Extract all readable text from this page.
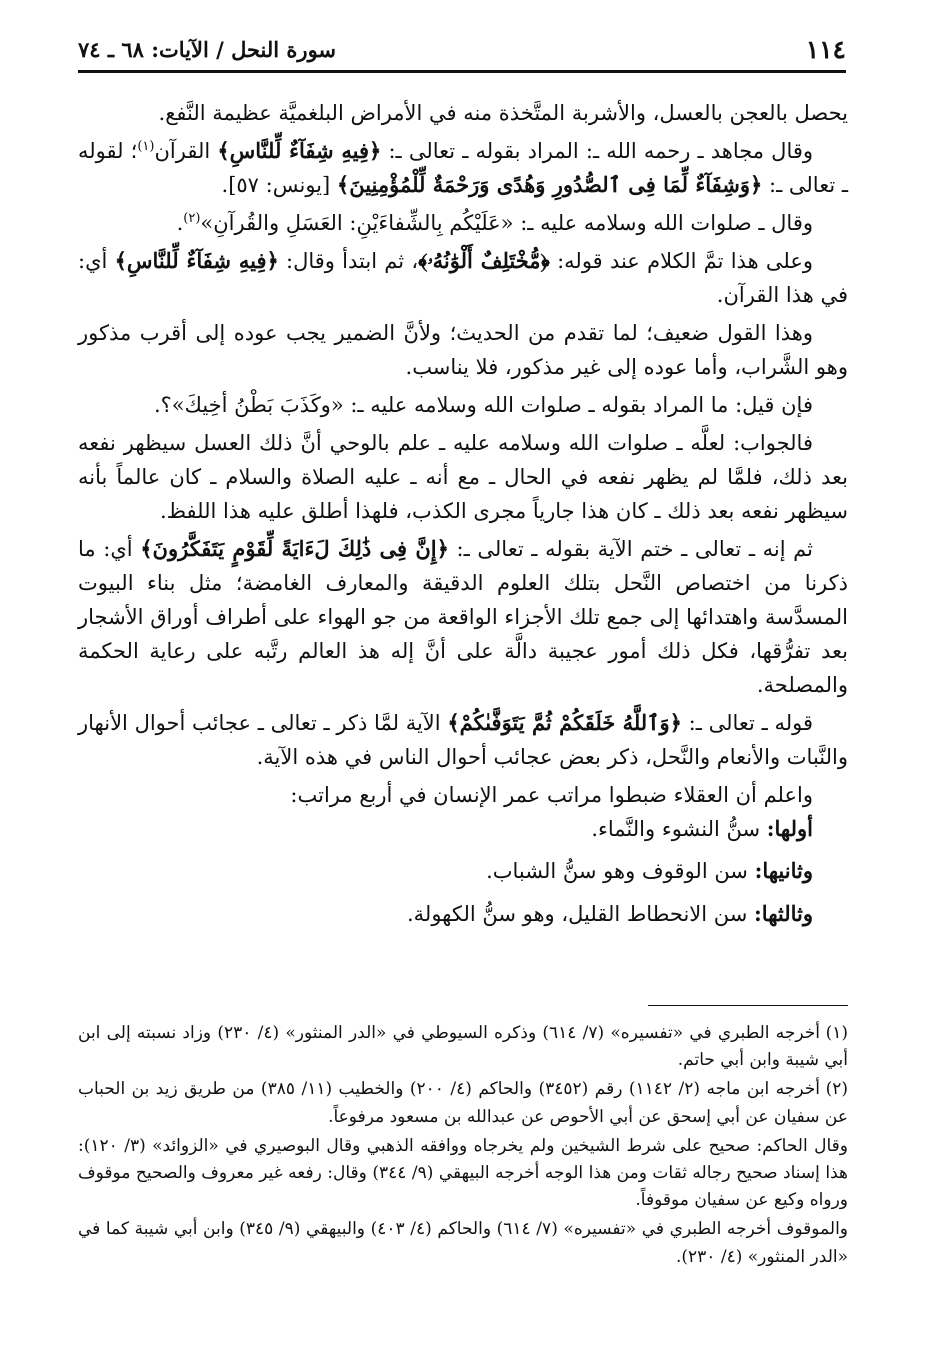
١١٤
سورة النحل / الآيات: ٦٨ ـ ٧٤

يحصل بالعجن بالعسل، والأشربة المتَّخذة منه في الأمراض البلغميَّة عظيمة النَّفع.

وقال مجاهد ـ رحمه الله ـ: المراد بقوله ـ تعالى ـ: ﴿فِيهِ شِفَآءٌ لِّلنَّاسِ﴾ القرآن$^{(١)}$؛ لقوله ـ تعالى ـ: ﴿وَشِفَآءٌ لِّمَا فِى ٱلصُّدُورِ وَهُدًى وَرَحْمَةٌ لِّلْمُؤْمِنِينَ﴾ [يونس: ٥٧].

وقال ـ صلوات الله وسلامه عليه ـ: «عَلَيْكُم بِالشِّفاءَيْنِ: العَسَلِ والقُرآنِ»$^{(٢)}$.

وعلى هذا تمَّ الكلام عند قوله: ﴿مُّخْتَلِفٌ أَلْوَٰنُهُۥ﴾، ثم ابتدأ وقال: ﴿فِيهِ شِفَآءٌ لِّلنَّاسِ﴾ أي: في هذا القرآن.

وهذا القول ضعيف؛ لما تقدم من الحديث؛ ولأنَّ الضمير يجب عوده إلى أقرب مذكور وهو الشَّراب، وأما عوده إلى غير مذكور، فلا يناسب.

فإن قيل: ما المراد بقوله ـ صلوات الله وسلامه عليه ـ: «وكَذَبَ بَطْنُ أخِيكَ»؟.

فالجواب: لعلَّه ـ صلوات الله وسلامه عليه ـ علم بالوحي أنَّ ذلك العسل سيظهر نفعه بعد ذلك، فلمَّا لم يظهر نفعه في الحال ـ مع أنه ـ عليه الصلاة والسلام ـ كان عالماً بأنه سيظهر نفعه بعد ذلك ـ كان هذا جارياً مجرى الكذب، فلهذا أطلق عليه هذا اللفظ.

ثم إنه ـ تعالى ـ ختم الآية بقوله ـ تعالى ـ: ﴿إِنَّ فِى ذَٰلِكَ لَءَايَةً لِّقَوْمٍ يَتَفَكَّرُونَ﴾ أي: ما ذكرنا من اختصاص النَّحل بتلك العلوم الدقيقة والمعارف الغامضة؛ مثل بناء البيوت المسدَّسة واهتدائها إلى جمع تلك الأجزاء الواقعة من جو الهواء على أطراف أوراق الأشجار بعد تفرُّقها، فكل ذلك أمور عجيبة دالَّة على أنَّ إله هذ العالم رتَّبه على رعاية الحكمة والمصلحة.

قوله ـ تعالى ـ: ﴿وَٱللَّهُ خَلَقَكُمْ ثُمَّ يَتَوَفَّىٰكُمْ﴾ الآية لمَّا ذكر ـ تعالى ـ عجائب أحوال الأنهار والنَّبات والأنعام والنَّحل، ذكر بعض عجائب أحوال الناس في هذه الآية.

واعلم أن العقلاء ضبطوا مراتب عمر الإنسان في أربع مراتب:

أولها: سنُّ النشوء والنَّماء.

وثانيها: سن الوقوف وهو سنُّ الشباب.

وثالثها: سن الانحطاط القليل، وهو سنُّ الكهولة.

(١)أخرجه الطبري في «تفسيره» (٧/ ٦١٤) وذكره السيوطي في «الدر المنثور» (٤/ ٢٣٠) وزاد نسبته إلى ابن أبي شيبة وابن أبي حاتم.

(٢)أخرجه ابن ماجه (٢/ ١١٤٢) رقم (٣٤٥٢) والحاكم (٤/ ٢٠٠) والخطيب (١١/ ٣٨٥) من طريق زيد بن الحباب عن سفيان عن أبي إسحق عن أبي الأحوص عن عبدالله بن مسعود مرفوعاً.

وقال الحاكم: صحيح على شرط الشيخين ولم يخرجاه ووافقه الذهبي وقال البوصيري في «الزوائد» (٣/ ١٢٠): هذا إسناد صحيح رجاله ثقات ومن هذا الوجه أخرجه البيهقي (٩/ ٣٤٤) وقال: رفعه غير معروف والصحيح موقوف ورواه وكيع عن سفيان موقوفاً.

والموقوف أخرجه الطبري في «تفسيره» (٧/ ٦١٤) والحاكم (٤/ ٤٠٣) والبيهقي (٩/ ٣٤٥) وابن أبي شيبة كما في «الدر المنثور» (٤/ ٢٣٠).
